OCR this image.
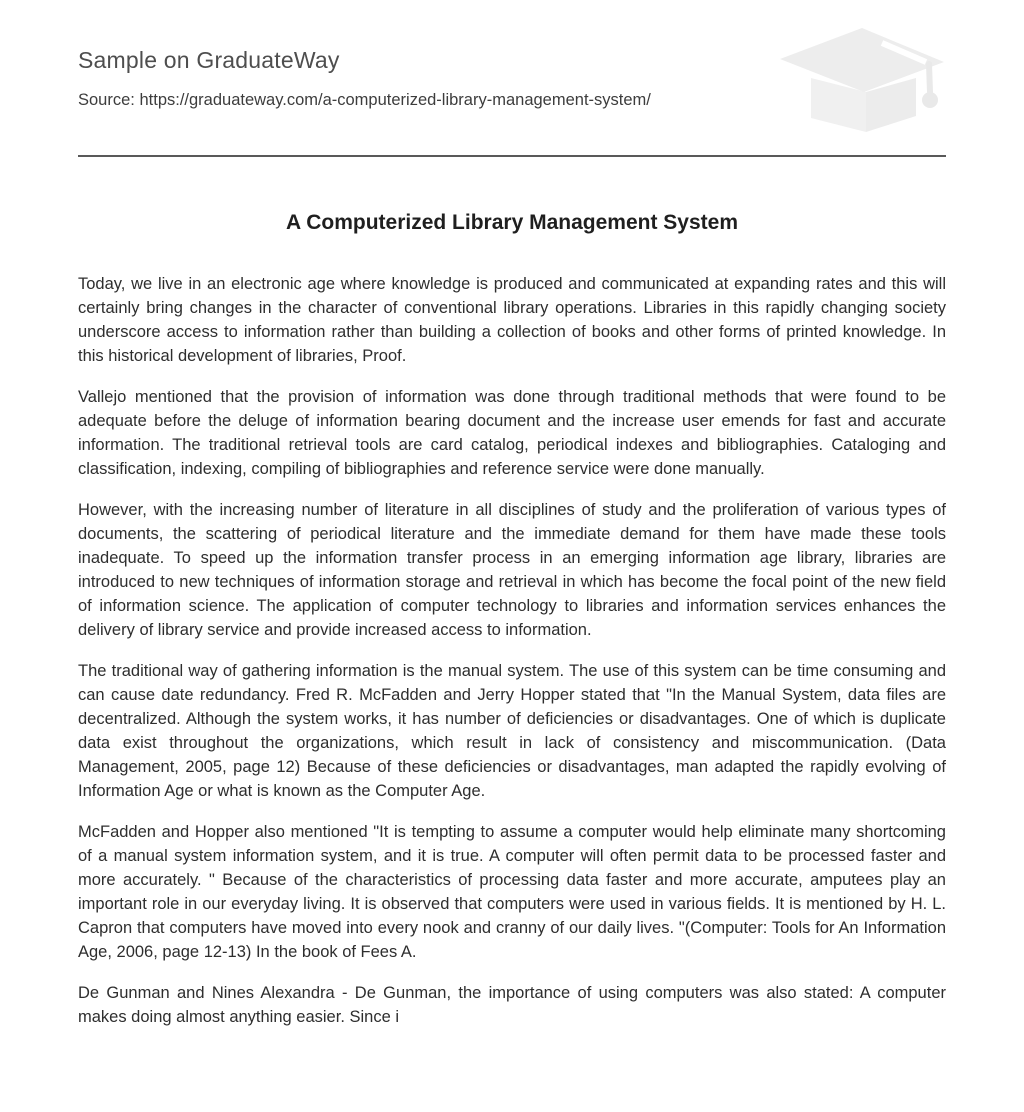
Sample on GraduateWay
Source: https://graduateway.com/a-computerized-library-management-system/
A Computerized Library Management System

Today, we live in an electronic age where knowledge is produced and communicated at expanding rates and this will certainly bring changes in the character of conventional library operations. Libraries in this rapidly changing society underscore access to information rather than building a collection of books and other forms of printed knowledge. In this historical development of libraries, Proof.

Vallejo mentioned that the provision of information was done through traditional methods that were found to be adequate before the deluge of information bearing document and the increase user emends for fast and accurate information. The traditional retrieval tools are card catalog, periodical indexes and bibliographies. Cataloging and classification, indexing, compiling of bibliographies and reference service were done manually.

However, with the increasing number of literature in all disciplines of study and the proliferation of various types of documents, the scattering of periodical literature and the immediate demand for them have made these tools inadequate. To speed up the information transfer process in an emerging information age library, libraries are introduced to new techniques of information storage and retrieval in which has become the focal point of the new field of information science. The application of computer technology to libraries and information services enhances the delivery of library service and provide increased access to information.

The traditional way of gathering information is the manual system. The use of this system can be time consuming and can cause date redundancy. Fred R. McFadden and Jerry Hopper stated that "In the Manual System, data files are decentralized. Although the system works, it has number of deficiencies or disadvantages. One of which is duplicate data exist throughout the organizations, which result in lack of consistency and miscommunication. (Data Management, 2005, page 12) Because of these deficiencies or disadvantages, man adapted the rapidly evolving of Information Age or what is known as the Computer Age.

McFadden and Hopper also mentioned "It is tempting to assume a computer would help eliminate many shortcoming of a manual system information system, and it is true. A computer will often permit data to be processed faster and more accurately. " Because of the characteristics of processing data faster and more accurate, amputees play an important role in our everyday living. It is observed that computers were used in various fields. It is mentioned by H. L. Capron that computers have moved into every nook and cranny of our daily lives. "(Computer: Tools for An Information Age, 2006, page 12-13) In the book of Fees A.

De Gunman and Nines Alexandra - De Gunman, the importance of using computers was also stated: A computer makes doing almost anything easier. Since i
